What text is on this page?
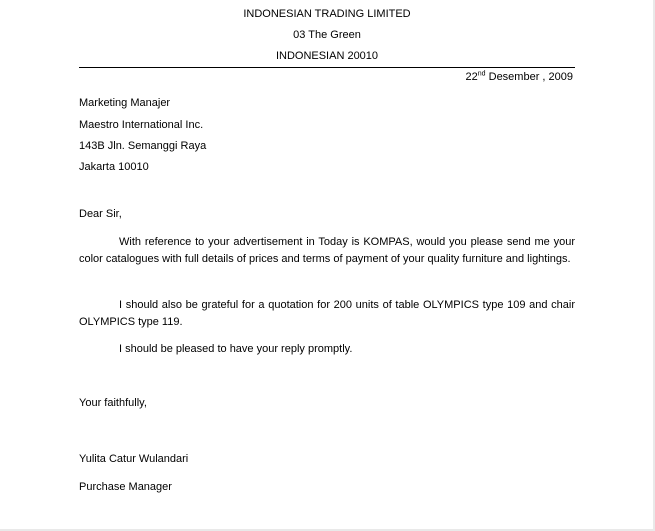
INDONESIAN TRADING LIMITED
03 The Green
INDONESIAN 20010
22nd Desember , 2009
Marketing Manajer
Maestro International Inc.
143B Jln. Semanggi Raya
Jakarta 10010
Dear Sir,
With reference to your advertisement in Today is KOMPAS, would you please send me your color catalogues with full details of prices and terms of payment of your quality furniture and lightings.
I should also be grateful for a quotation for 200 units of table OLYMPICS type 109 and chair OLYMPICS type 119.
I should be pleased to have your reply promptly.
Your faithfully,
Yulita Catur Wulandari
Purchase Manager
